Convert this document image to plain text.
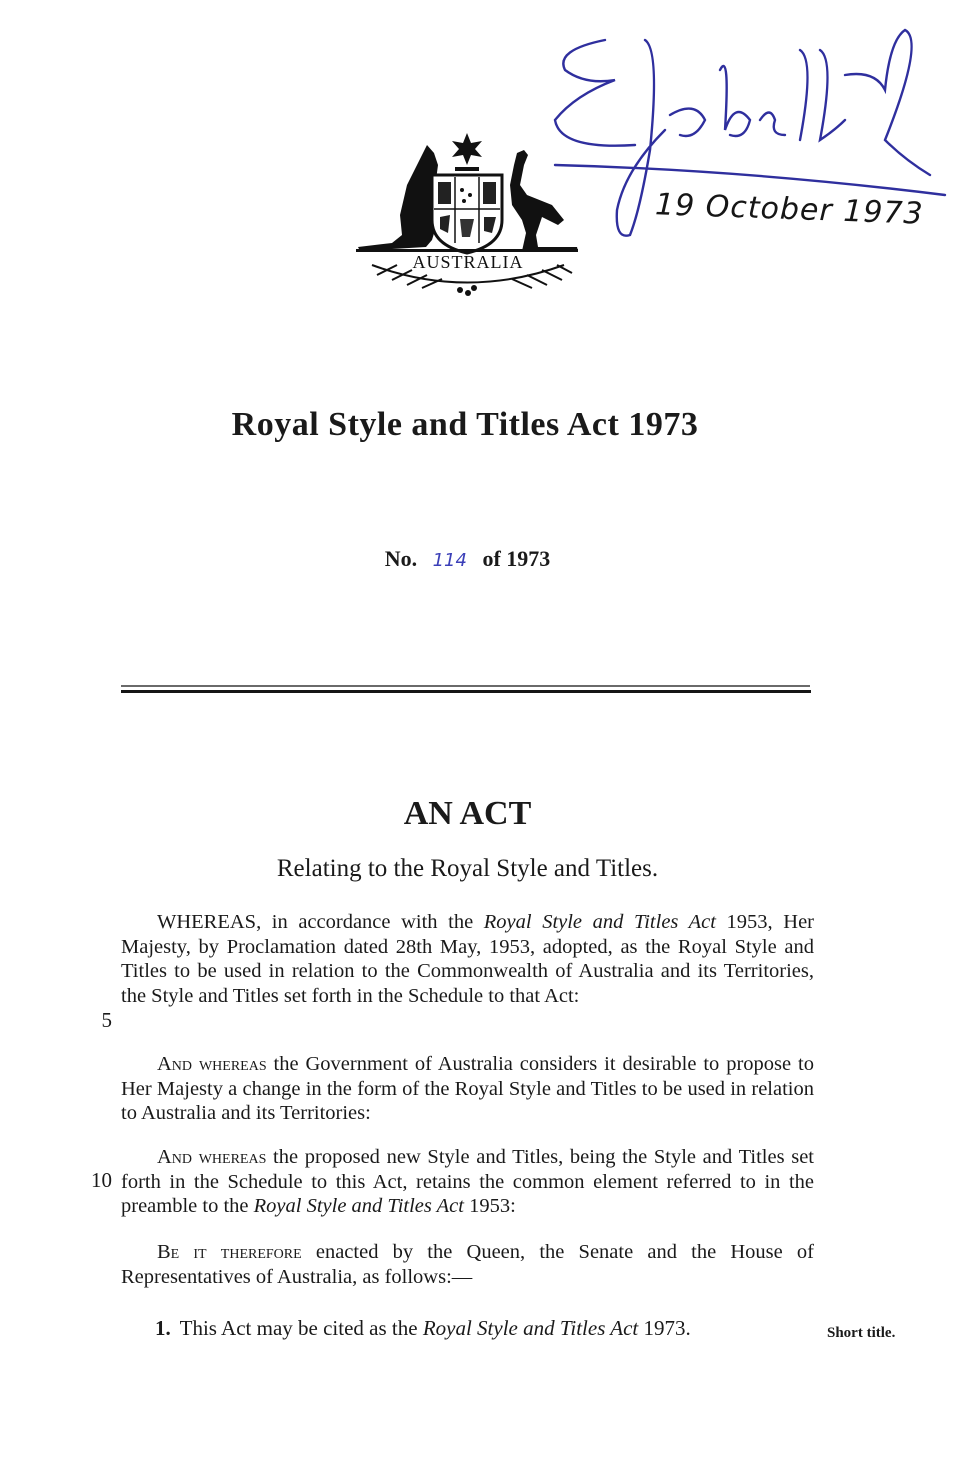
AUSTRALIA
19 October 1973
Royal Style and Titles Act 1973
No. 114 of 1973
AN ACT
Relating to the Royal Style and Titles.
WHEREAS, in accordance with the Royal Style and Titles Act 1953, Her Majesty, by Proclamation dated 28th May, 1953, adopted, as the Royal Style and Titles to be used in relation to the Commonwealth of Australia and its Territories, the Style and Titles set forth in the Schedule to that Act:
And whereas the Government of Australia considers it desirable to propose to Her Majesty a change in the form of the Royal Style and Titles to be used in relation to Australia and its Territories:
And whereas the proposed new Style and Titles, being the Style and Titles set forth in the Schedule to this Act, retains the common element referred to in the preamble to the Royal Style and Titles Act 1953:
Be it therefore enacted by the Queen, the Senate and the House of Representatives of Australia, as follows:—
5
10
1. This Act may be cited as the Royal Style and Titles Act 1973.	Short title.
